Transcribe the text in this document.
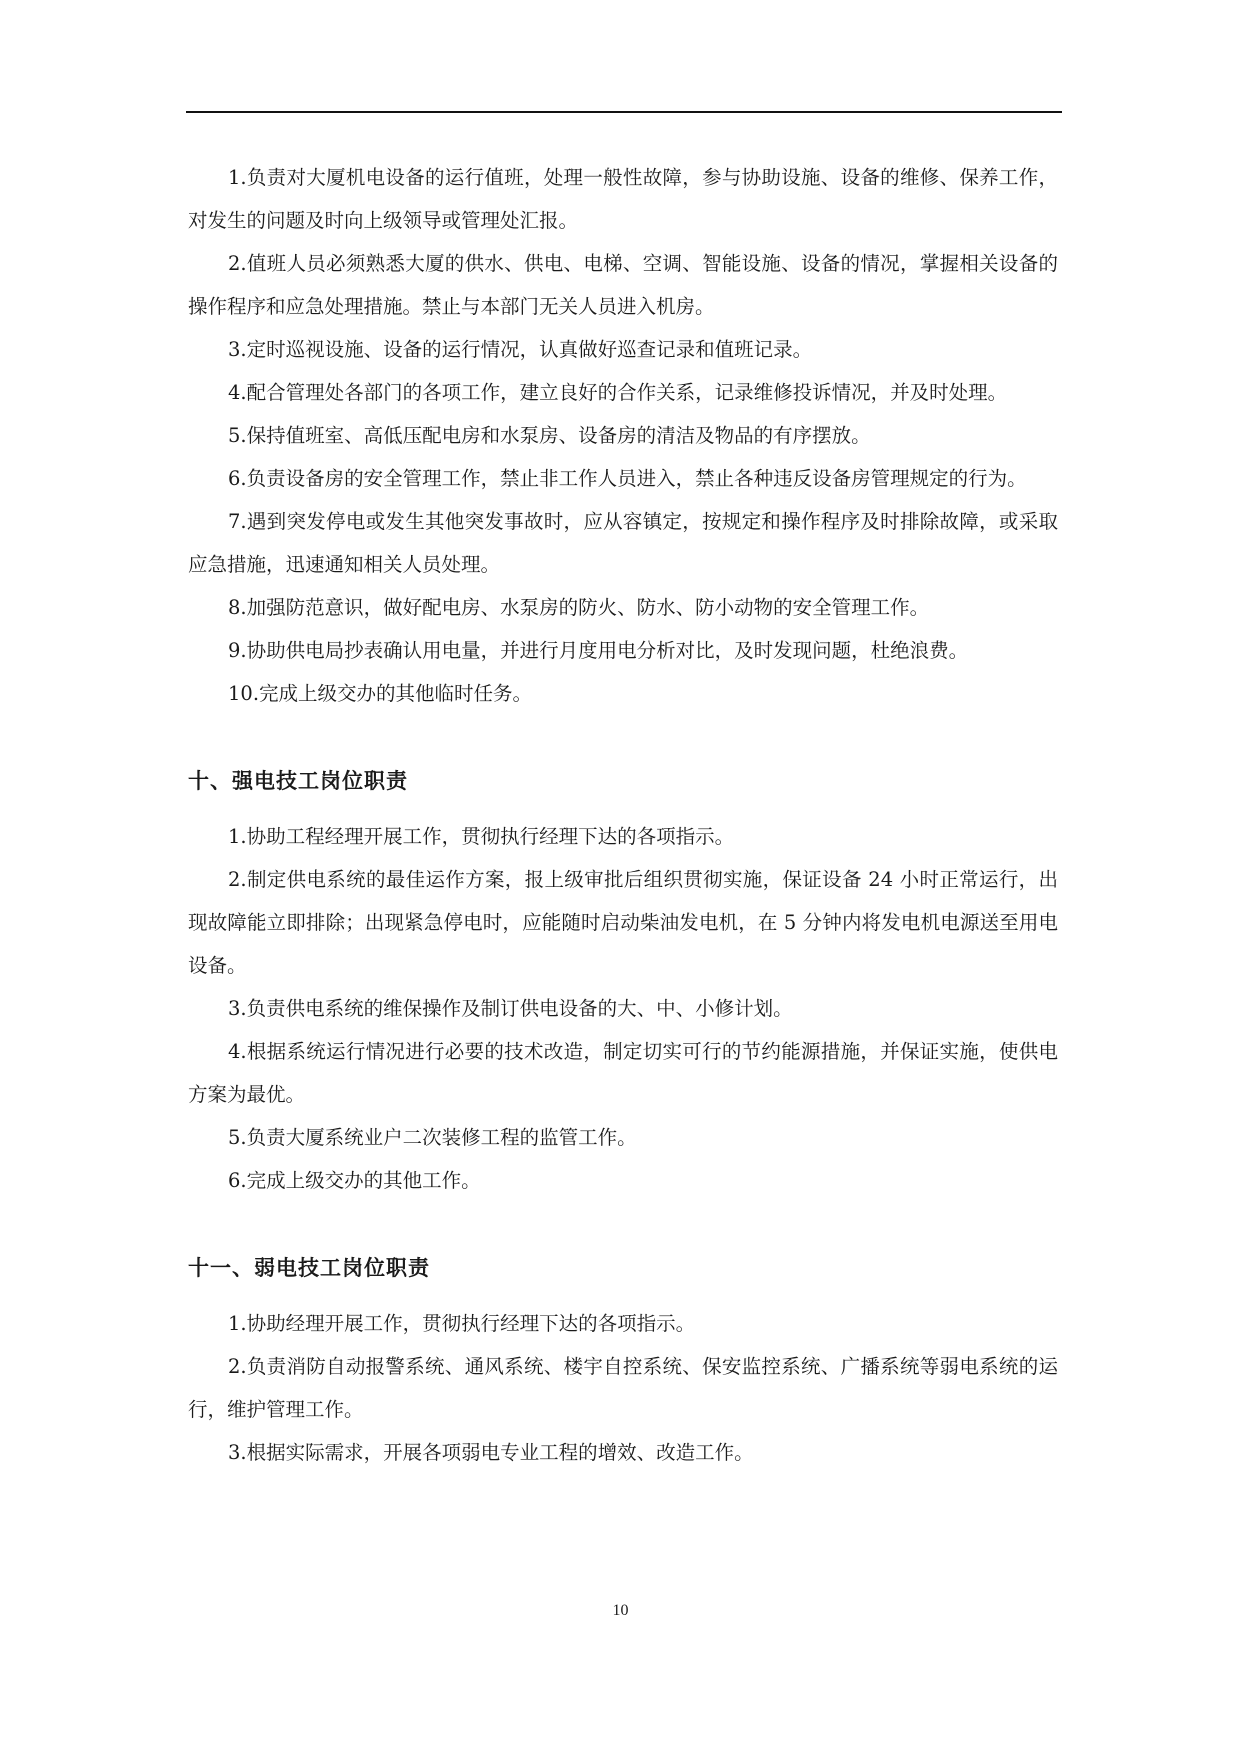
1.负责对大厦机电设备的运行值班，处理一般性故障，参与协助设施、设备的维修、保养工作，对发生的问题及时向上级领导或管理处汇报。

2.值班人员必须熟悉大厦的供水、供电、电梯、空调、智能设施、设备的情况，掌握相关设备的操作程序和应急处理措施。禁止与本部门无关人员进入机房。

3.定时巡视设施、设备的运行情况，认真做好巡查记录和值班记录。

4.配合管理处各部门的各项工作，建立良好的合作关系，记录维修投诉情况，并及时处理。

5.保持值班室、高低压配电房和水泵房、设备房的清洁及物品的有序摆放。

6.负责设备房的安全管理工作，禁止非工作人员进入，禁止各种违反设备房管理规定的行为。

7.遇到突发停电或发生其他突发事故时，应从容镇定，按规定和操作程序及时排除故障，或采取应急措施，迅速通知相关人员处理。

8.加强防范意识，做好配电房、水泵房的防火、防水、防小动物的安全管理工作。

9.协助供电局抄表确认用电量，并进行月度用电分析对比，及时发现问题，杜绝浪费。

10.完成上级交办的其他临时任务。

十、强电技工岗位职责

1.协助工程经理开展工作，贯彻执行经理下达的各项指示。

2.制定供电系统的最佳运作方案，报上级审批后组织贯彻实施，保证设备 24 小时正常运行，出现故障能立即排除；出现紧急停电时，应能随时启动柴油发电机，在 5 分钟内将发电机电源送至用电设备。

3.负责供电系统的维保操作及制订供电设备的大、中、小修计划。

4.根据系统运行情况进行必要的技术改造，制定切实可行的节约能源措施，并保证实施，使供电方案为最优。

5.负责大厦系统业户二次装修工程的监管工作。

6.完成上级交办的其他工作。

十一、弱电技工岗位职责

1.协助经理开展工作，贯彻执行经理下达的各项指示。

2.负责消防自动报警系统、通风系统、楼宇自控系统、保安监控系统、广播系统等弱电系统的运行，维护管理工作。

3.根据实际需求，开展各项弱电专业工程的增效、改造工作。

10
